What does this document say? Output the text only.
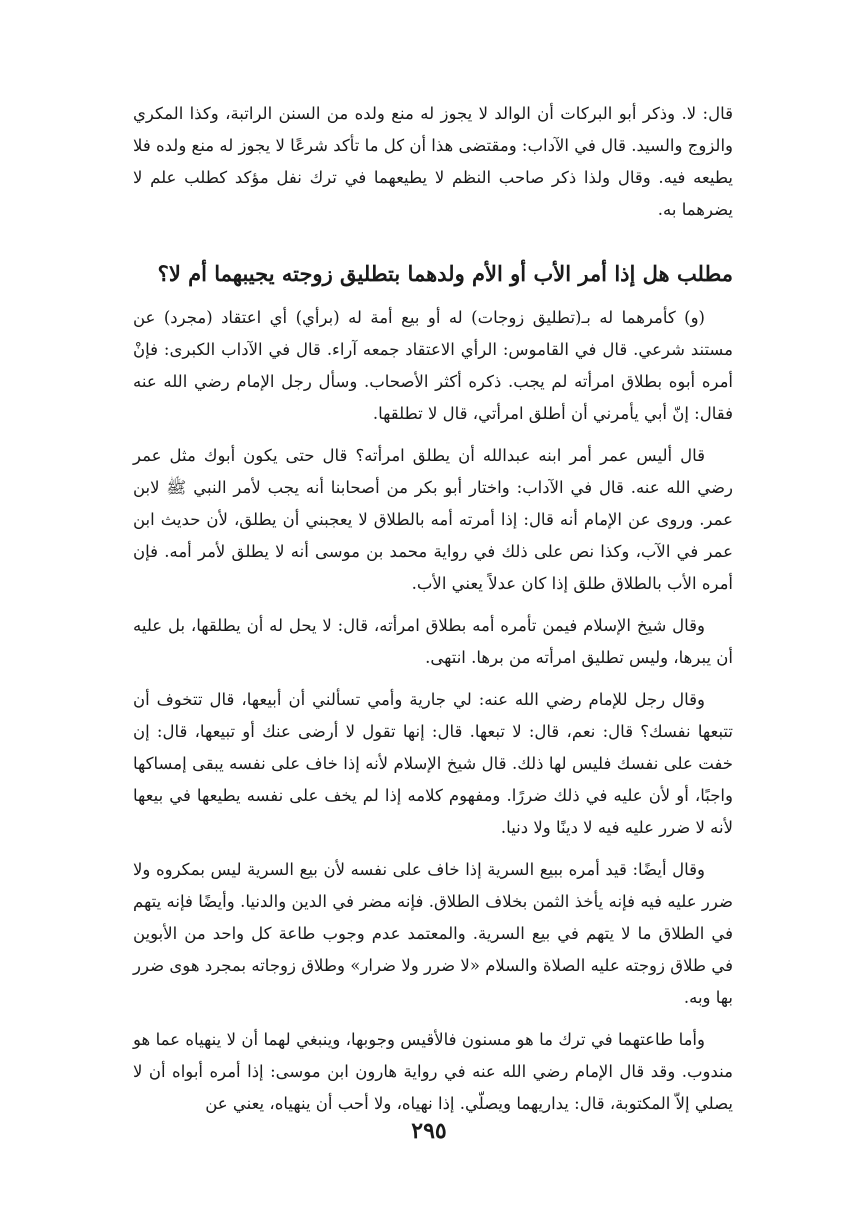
قال: لا. وذكر أبو البركات أن الوالد لا يجوز له منع ولده من السنن الراتبة، وكذا المكري والزوج والسيد. قال في الآداب: ومقتضى هذا أن كل ما تأكد شرعًا لا يجوز له منع ولده فلا يطيعه فيه. وقال ولذا ذكر صاحب النظم لا يطيعهما في ترك نفل مؤكد كطلب علم لا يضرهما به.

مطلب هل إذا أمر الأب أو الأم ولدهما بتطليق زوجته يجيبهما أم لا؟

(و) كأمرهما له بـ(تطليق زوجات) له أو بيع أمة له (برأي) أي اعتقاد (مجرد) عن مستند شرعي. قال في القاموس: الرأي الاعتقاد جمعه آراء. قال في الآداب الكبرى: فإنْ أمره أبوه بطلاق امرأته لم يجب. ذكره أكثر الأصحاب. وسأل رجل الإمام رضي الله عنه فقال: إنّ أبي يأمرني أن أطلق امرأتي، قال لا تطلقها.

قال أليس عمر أمر ابنه عبدالله أن يطلق امرأته؟ قال حتى يكون أبوك مثل عمر رضي الله عنه. قال في الآداب: واختار أبو بكر من أصحابنا أنه يجب لأمر النبي ﷺ لابن عمر. وروى عن الإمام أنه قال: إذا أمرته أمه بالطلاق لا يعجبني أن يطلق، لأن حديث ابن عمر في الآب، وكذا نص على ذلك في رواية محمد بن موسى أنه لا يطلق لأمر أمه. فإن أمره الأب بالطلاق طلق إذا كان عدلاً يعني الأب.

وقال شيخ الإسلام فيمن تأمره أمه بطلاق امرأته، قال: لا يحل له أن يطلقها، بل عليه أن يبرها، وليس تطليق امرأته من برها. انتهى.

وقال رجل للإمام رضي الله عنه: لي جارية وأمي تسألني أن أبيعها، قال تتخوف أن تتبعها نفسك؟ قال: نعم، قال: لا تبعها. قال: إنها تقول لا أرضى عنك أو تبيعها، قال: إن خفت على نفسك فليس لها ذلك. قال شيخ الإسلام لأنه إذا خاف على نفسه يبقى إمساكها واجبًا، أو لأن عليه في ذلك ضررًا. ومفهوم كلامه إذا لم يخف على نفسه يطيعها في بيعها لأنه لا ضرر عليه فيه لا دينًا ولا دنيا.

وقال أيضًا: قيد أمره ببيع السرية إذا خاف على نفسه لأن بيع السرية ليس بمكروه ولا ضرر عليه فيه فإنه يأخذ الثمن بخلاف الطلاق. فإنه مضر في الدين والدنيا. وأيضًا فإنه يتهم في الطلاق ما لا يتهم في بيع السرية. والمعتمد عدم وجوب طاعة كل واحد من الأبوين في طلاق زوجته عليه الصلاة والسلام «لا ضرر ولا ضرار» وطلاق زوجاته بمجرد هوى ضرر بها وبه.

وأما طاعتهما في ترك ما هو مسنون فالأقيس وجوبها، وينبغي لهما أن لا ينهياه عما هو مندوب. وقد قال الإمام رضي الله عنه في رواية هارون ابن موسى: إذا أمره أبواه أن لا يصلي إلاّ المكتوبة، قال: يداريهما ويصلّي. إذا نهياه، ولا أحب أن ينهياه، يعني عن

٢٩٥
